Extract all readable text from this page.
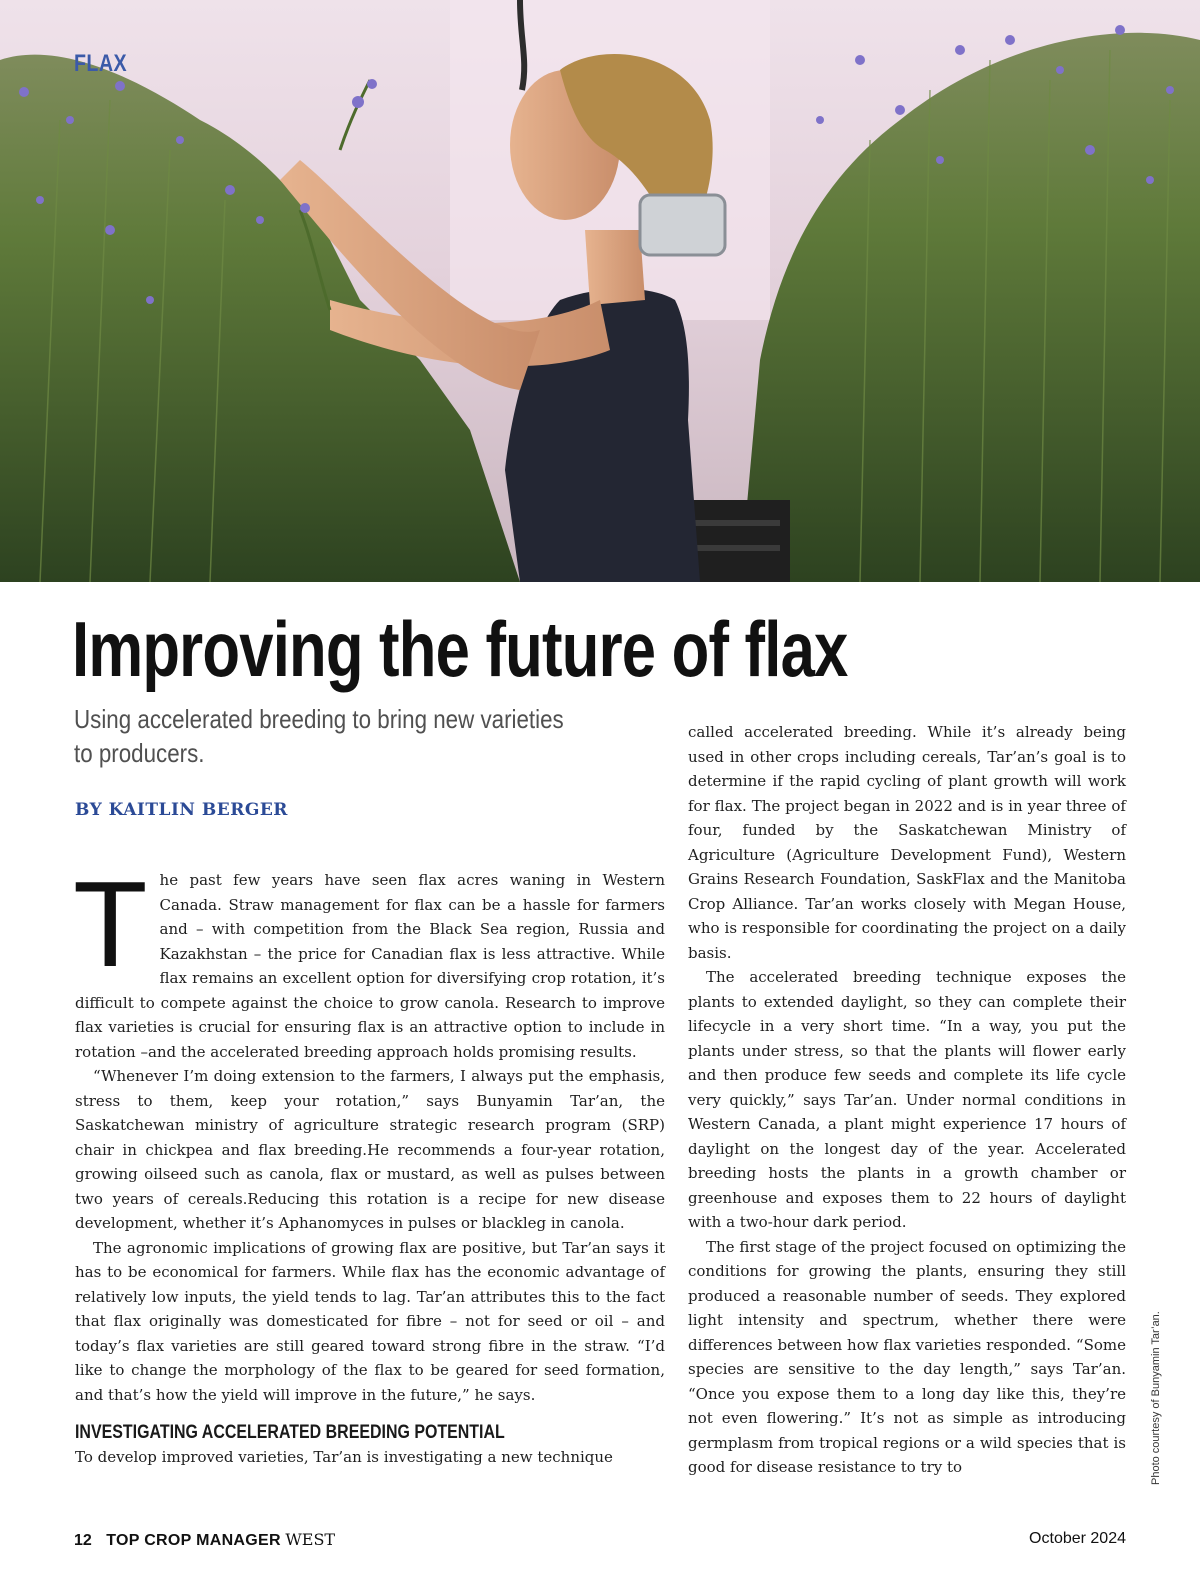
FLAX

Improving the future of flax

Using accelerated breeding to bring new varieties to producers.

BY KAITLIN BERGER

T he past few years have seen flax acres waning in Western Canada. Straw management for flax can be a hassle for farmers and – with competition from the Black Sea region, Russia and Kazakhstan – the price for Canadian flax is less attractive. While flax remains an excellent option for diversifying crop rotation, it’s difficult to compete against the choice to grow canola. Research to improve flax varieties is crucial for ensuring flax is an attractive option to include in rotation –and the accelerated breeding approach holds promising results.

“Whenever I’m doing extension to the farmers, I always put the emphasis, stress to them, keep your rotation,” says Bunyamin Tar’an, the Saskatchewan ministry of agriculture strategic research program (SRP) chair in chickpea and flax breeding.He recommends a four-year rotation, growing oilseed such as canola, flax or mustard, as well as pulses between two years of cereals.Reducing this rotation is a recipe for new disease development, whether it’s Aphanomyces in pulses or blackleg in canola.

The agronomic implications of growing flax are positive, but Tar’an says it has to be economical for farmers. While flax has the economic advantage of relatively low inputs, the yield tends to lag. Tar’an attributes this to the fact that flax originally was domesticated for fibre – not for seed or oil – and today’s flax varieties are still geared toward strong fibre in the straw. “I’d like to change the morphology of the flax to be geared for seed formation, and that’s how the yield will improve in the future,” he says.

INVESTIGATING ACCELERATED BREEDING POTENTIAL

To develop improved varieties, Tar’an is investigating a new technique

called accelerated breeding. While it’s already being used in other crops including cereals, Tar’an’s goal is to determine if the rapid cycling of plant growth will work for flax. The project began in 2022 and is in year three of four, funded by the Saskatchewan Ministry of Agriculture (Agriculture Development Fund), Western Grains Research Foundation, SaskFlax and the Manitoba Crop Alliance. Tar’an works closely with Megan House, who is responsible for coordinating the project on a daily basis.

The accelerated breeding technique exposes the plants to extended daylight, so they can complete their lifecycle in a very short time. “In a way, you put the plants under stress, so that the plants will flower early and then produce few seeds and complete its life cycle very quickly,” says Tar’an. Under normal conditions in Western Canada, a plant might experience 17 hours of daylight on the longest day of the year. Accelerated breeding hosts the plants in a growth chamber or greenhouse and exposes them to 22 hours of daylight with a two-hour dark period.

The first stage of the project focused on optimizing the conditions for growing the plants, ensuring they still produced a reasonable number of seeds. They explored light intensity and spectrum, whether there were differences between how flax varieties responded. “Some species are sensitive to the day length,” says Tar’an. “Once you expose them to a long day like this, they’re not even flowering.” It’s not as simple as introducing germplasm from tropical regions or a wild species that is good for disease resistance to try to	Photo courtesy of Bunyamin Tar’an.

12 TOP CROP MANAGER WEST	October 2024
